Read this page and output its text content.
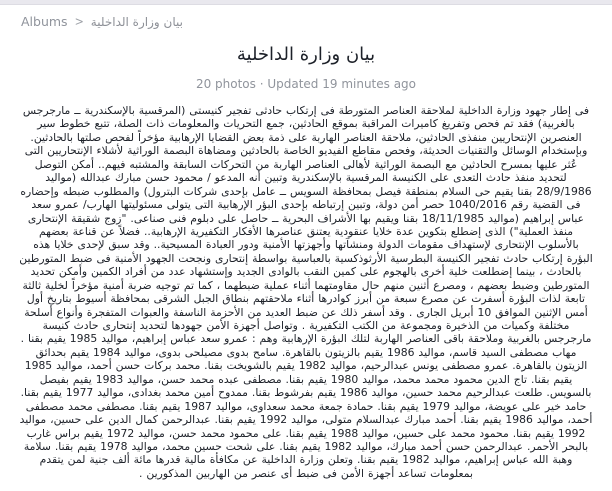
Albums > بيان وزارة الداخلية
بيان وزارة الداخلية
20 photos · Updated 19 minutes ago
فى إطار جهود وزارة الداخلية لملاحقة العناصر المتورطة فى إرتكاب حادثى تفجير كنيستى (المرقسية بالإسكندرية ــ مارجرجس بالغربية) فقد تم فحص وتفريغ كاميرات المراقبة بموقع الحادثين، جمع التحريات والمعلومات ذات الصلة، تتبع خطوط سير العنصرين الإنتحاريين منفذى الحادثين، ملاحقة العناصر الهاربة على ذمة بعض القضايا الإرهابية مؤخراً لفحص صلتها بالحادثين. وبإستخدام الوسائل والتقنيات الحديثة، وفحص مقاطع الفيديو الخاصة بالحادثين ومضاهاة البصمة الوراثية لأشلاء الإنتحاريين التى عُثر عليها بمسرح الحادثين مع البصمة الوراثية لأهالى العناصر الهاربة من التحركات السابقة والمشتبه فيهم.. أمكن التوصل لتحديد منفذ حادث التعدى على الكنيسة المرقسية بالإسكندرية وتبين أنه المدعو / محمود حسن مبارك عبدالله (مواليد 28/9/1986 بقنا يقيم حى السلام بمنطقة فيصل بمحافظة السويس ــ عامل بإحدى شركات البترول) والمطلوب ضبطه وإحضاره فى القضية رقم 1040/2016 حصر أمن دولة، وتبين إرتباطه بإحدى البؤر الإرهابية التى يتولى مسئوليتها الهارب/ عمرو سعد عباس إبراهيم (مواليد 18/11/1985 بقنا ويقيم بها الأشراف البحرية ــ حاصل على دبلوم فنى صناعى. "زوج شقيقة الإنتحارى منفذ العملية") الذى إضطلع بتكوين عدة خلايا عنقودية يعتنق عناصرها الأفكار التكفيرية الإرهابية.. فضلاً عن قناعة بعضهم بالأسلوب الإنتحارى لإستهداف مقومات الدولة ومنشآتها وأجهزتها الأمنية ودور العبادة المسيحية.. وقد سبق لإحدى خلايا هذه البؤرة إرتكاب حادث تفجير الكنيسة البطرسية الأرثوذكسية بالعباسية بواسطة إنتحارى ونجحت الجهود الأمنية فى ضبط المتورطين بالحادث ، بينما إضطلعت خلية أخرى بالهجوم على كمين النقب بالوادى الجديد وإستشهاد عدد من أفراد الكمين وأمكن تحديد المتورطين وضبط بعضهم ، ومصرع أثنين منهم حال مقاومتهما أثناء عملية ضبطهما ، كما تم توجيه ضربة أمنية مؤخراً لخلية ثالثة تابعة لذات البؤرة أسفرت عن مصرع سبعة من أبرز كوادرها أثناء ملاحقتهم بنطاق الجبل الشرقى بمحافظة أسيوط بتاريخ أول أمس الإثنين الموافق 10 أبريل الجارى . وقد أسفر ذلك عن ضبط العديد من الأحزمة الناسفة والعبوات المتفجرة وأنواع أسلحة مختلفة وكميات من الذخيرة ومجموعة من الكتب التكفيرية . وتواصل أجهزة الأمن جهودها لتحديد إنتحارى حادث كنيسة مارجرجس بالغربية وملاحقة باقى العناصر الهاربة لتلك البؤرة الإرهابية وهم : عمرو سعد عباس إبراهيم، مواليد 1985 يقيم بقنا . مهاب مصطفى السيد قاسم، مواليد 1986 يقيم بالزيتون بالقاهرة. سامح بدوى مصيلحى بدوى، مواليد 1984 يقيم بحدائق الزيتون بالقاهرة. عمرو مصطفى يونس عبدالرحيم، مواليد 1982 يقيم بالشويخت بقنا. محمد بركات حسن أحمد، مواليد 1985 يقيم بقنا. تاج الدين محمود محمد محمد، مواليد 1980 يقيم بقنا. مصطفى عبده محمد حسن، مواليد 1983 يقيم بفيصل بالسويس. طلعت عبدالرحيم محمد حسين، مواليد 1986 يقيم بفرشوط بقنا. ممدوح أمين محمد بغدادى، مواليد 1977 يقيم بقنا. حامد خير على عويضة، مواليد 1979 يقيم بقنا. حمادة جمعة محمد سعداوى، مواليد 1987 يقيم بقنا. مصطفى محمد مصطفى أحمد، مواليد 1986 يقيم بقنا. أحمد مبارك عبدالسلام متولى، مواليد 1992 يقيم بقنا. عبدالرحمن كمال الدين على حسين، مواليد 1992 يقيم بقنا. محمود محمد على حسين، مواليد 1988 يقيم بقنا. على محمود محمد حسن، مواليد 1972 يقيم براس غارب بالبحر الأحمر. عبدالرحمن حسن أحمد مبارك، مواليد 1982 يقيم بقنا. على شحت حسين محمد، مواليد 1978 يقيم بقنا. سلامة وهبة الله عباس إبراهيم، مواليد 1982 يقيم بقنا. وتعلن وزارة الداخلية عن مكافأة مالية قدرها مائة ألف جنية لمن يتقدم بمعلومات تساعد أجهزة الأمن فى ضبط أى عنصر من الهاربين المذكورين .
